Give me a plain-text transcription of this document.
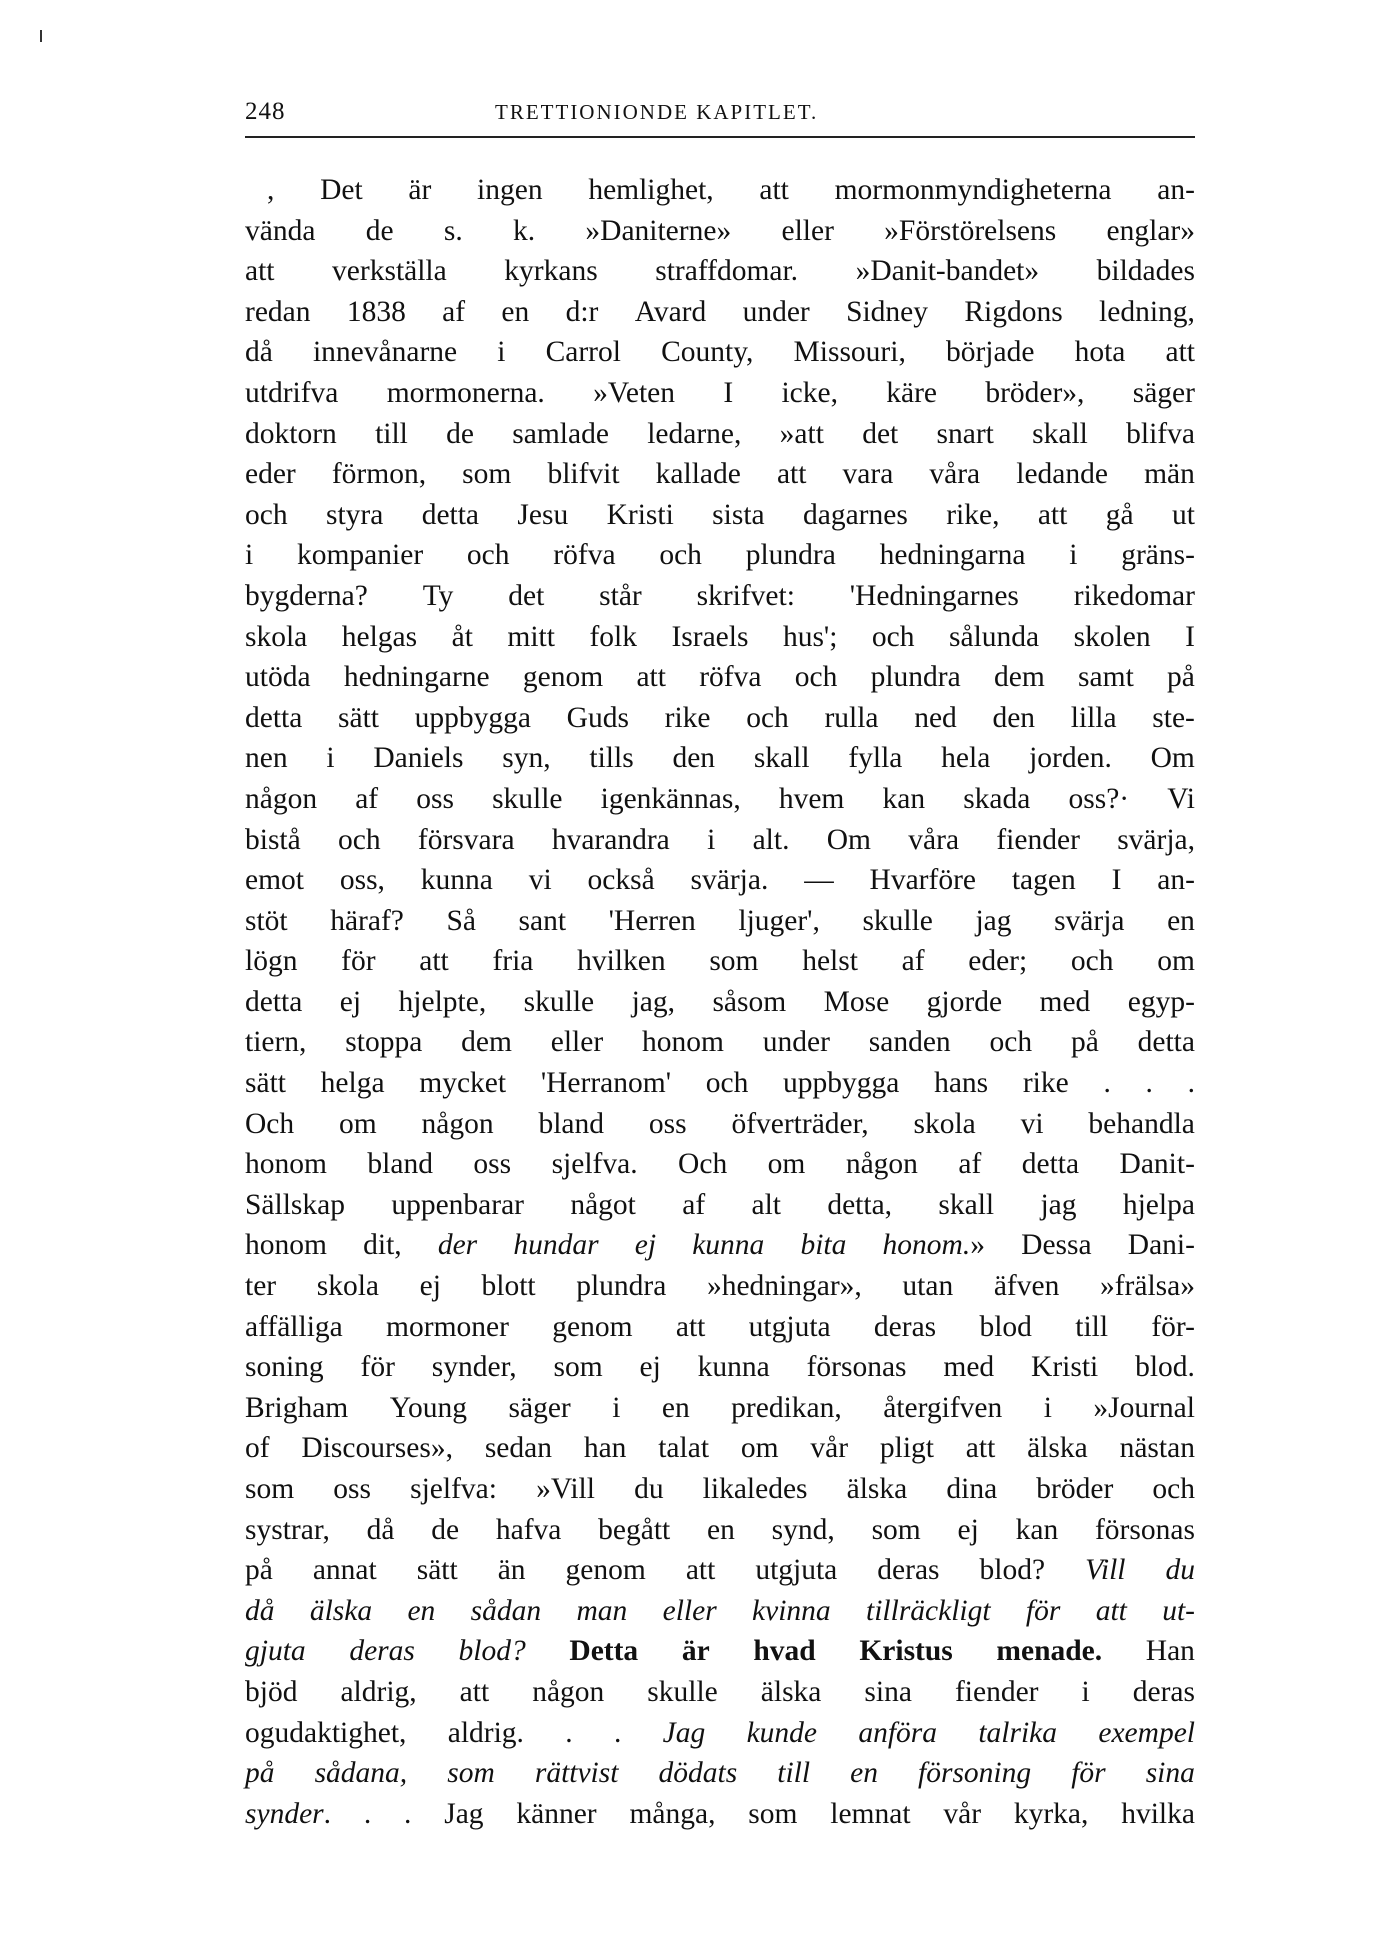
248	TRETTIONIONDE KAPITLET.
, Det är ingen hemlighet, att mormonmyndigheterna an-
vända de s. k. »Daniterne» eller »Förstörelsens englar»
att verkställa kyrkans straffdomar. »Danit-bandet» bildades
redan 1838 af en d:r Avard under Sidney Rigdons ledning,
då innevånarne i Carrol County, Missouri, började hota att
utdrifva mormonerna. »Veten I icke, käre bröder», säger
doktorn till de samlade ledarne, »att det snart skall blifva
eder förmon, som blifvit kallade att vara våra ledande män
och styra detta Jesu Kristi sista dagarnes rike, att gå ut
i kompanier och röfva och plundra hedningarna i gräns-
bygderna? Ty det står skrifvet: 'Hedningarnes rikedomar
skola helgas åt mitt folk Israels hus'; och sålunda skolen I
utöda hedningarne genom att röfva och plundra dem samt på
detta sätt uppbygga Guds rike och rulla ned den lilla ste-
nen i Daniels syn, tills den skall fylla hela jorden. Om
någon af oss skulle igenkännas, hvem kan skada oss?· Vi
bistå och försvara hvarandra i alt. Om våra fiender svärja,
emot oss, kunna vi också svärja. — Hvarföre tagen I an-
stöt häraf? Så sant 'Herren ljuger', skulle jag svärja en
lögn för att fria hvilken som helst af eder; och om
detta ej hjelpte, skulle jag, såsom Mose gjorde med egyp-
tiern, stoppa dem eller honom under sanden och på detta
sätt helga mycket 'Herranom' och uppbygga hans rike . . .
Och om någon bland oss öfverträder, skola vi behandla
honom bland oss sjelfva. Och om någon af detta Danit-
Sällskap uppenbarar något af alt detta, skall jag hjelpa
honom dit, der hundar ej kunna bita honom.» Dessa Dani-
ter skola ej blott plundra »hedningar», utan äfven »frälsa»
affälliga mormoner genom att utgjuta deras blod till för-
soning för synder, som ej kunna försonas med Kristi blod.
Brigham Young säger i en predikan, återgifven i »Journal
of Discourses», sedan han talat om vår pligt att älska nästan
som oss sjelfva: »Vill du likaledes älska dina bröder och
systrar, då de hafva begått en synd, som ej kan försonas
på annat sätt än genom att utgjuta deras blod? Vill du
då älska en sådan man eller kvinna tillräckligt för att ut-
gjuta deras blod? Detta är hvad Kristus menade. Han
bjöd aldrig, att någon skulle älska sina fiender i deras
ogudaktighet, aldrig. . . Jag kunde anföra talrika exempel
på sådana, som rättvist dödats till en försoning för sina
synder. . . Jag känner många, som lemnat vår kyrka, hvilka
